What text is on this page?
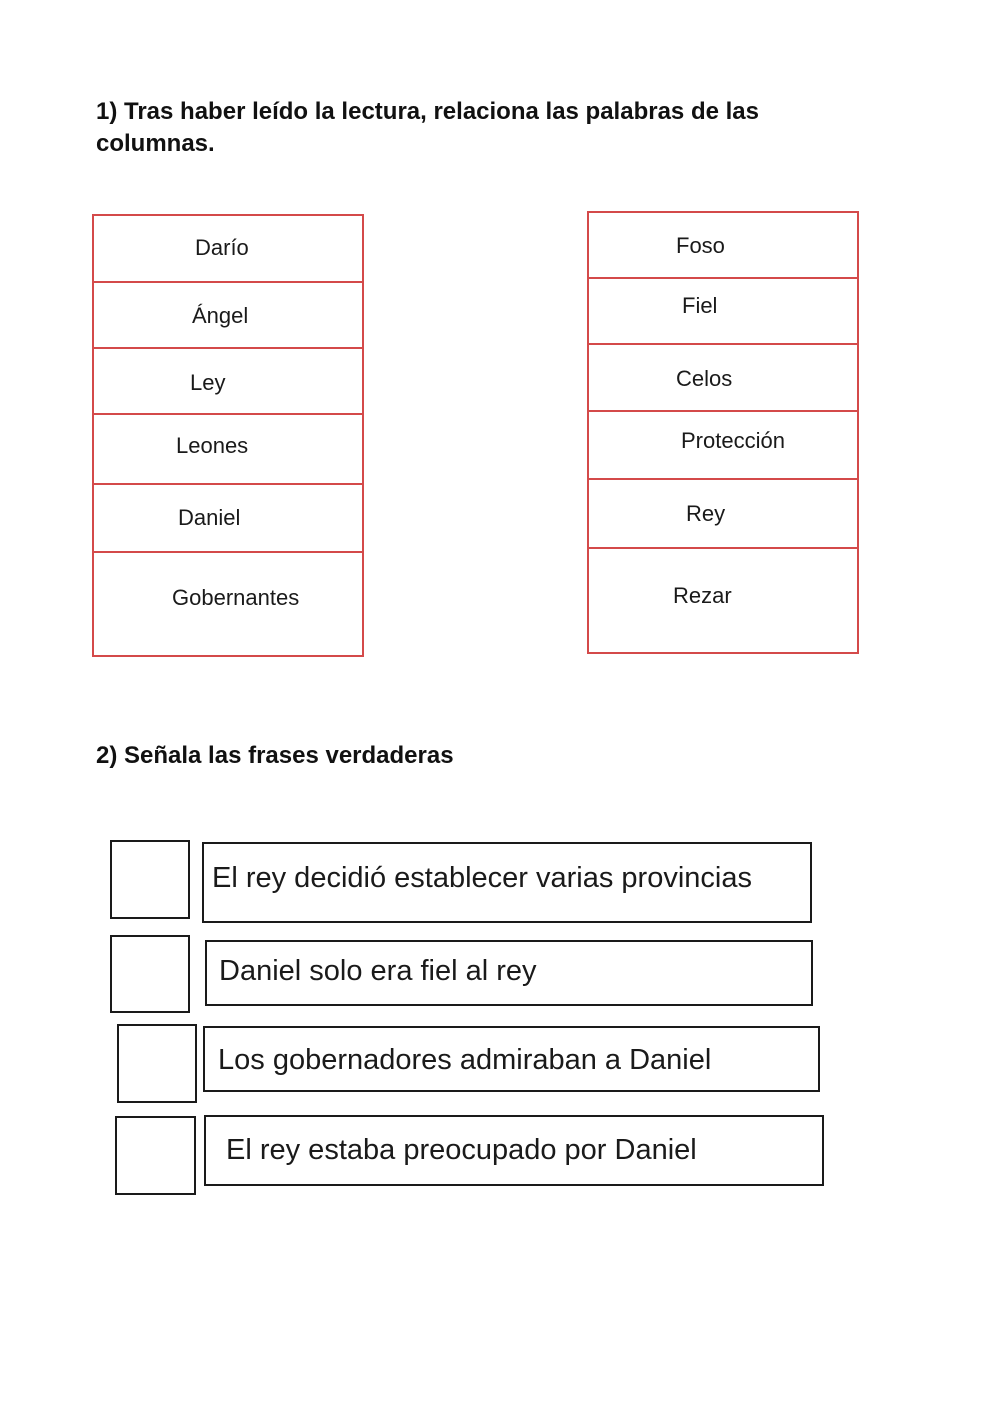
1) Tras haber leído la lectura, relaciona las palabras de las columnas.
Darío
Ángel
Ley
Leones
Daniel
Gobernantes
Foso
Fiel
Celos
Protección
Rey
Rezar
2) Señala las frases verdaderas
El rey decidió establecer varias provincias
Daniel solo era fiel al rey
Los gobernadores admiraban a Daniel
El rey estaba preocupado por Daniel
